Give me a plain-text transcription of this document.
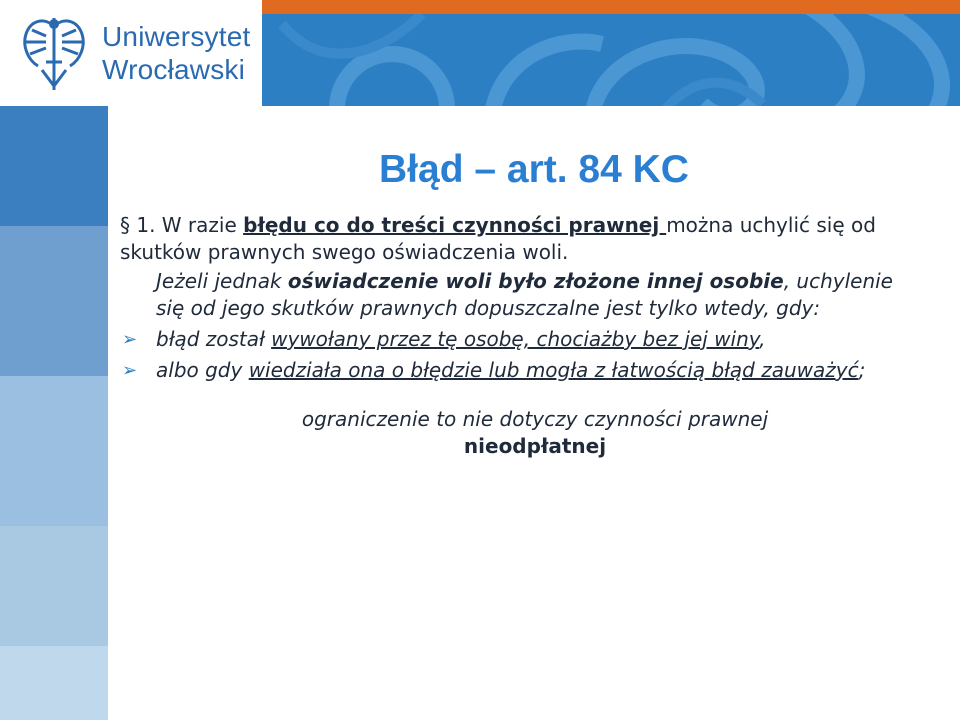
Uniwersytet
Wrocławski
Błąd – art. 84 KC

§ 1. W razie błędu co do treści czynności prawnej można uchylić się od skutków prawnych swego oświadczenia woli.

Jeżeli jednak oświadczenie woli było złożone innej osobie, uchylenie się od jego skutków prawnych dopuszczalne jest tylko wtedy, gdy:

➢ błąd został wywołany przez tę osobę, chociażby bez jej winy,
➢ albo gdy wiedziała ona o błędzie lub mogła z łatwością błąd zauważyć;
ograniczenie to nie dotyczy czynności prawnej
nieodpłatnej
